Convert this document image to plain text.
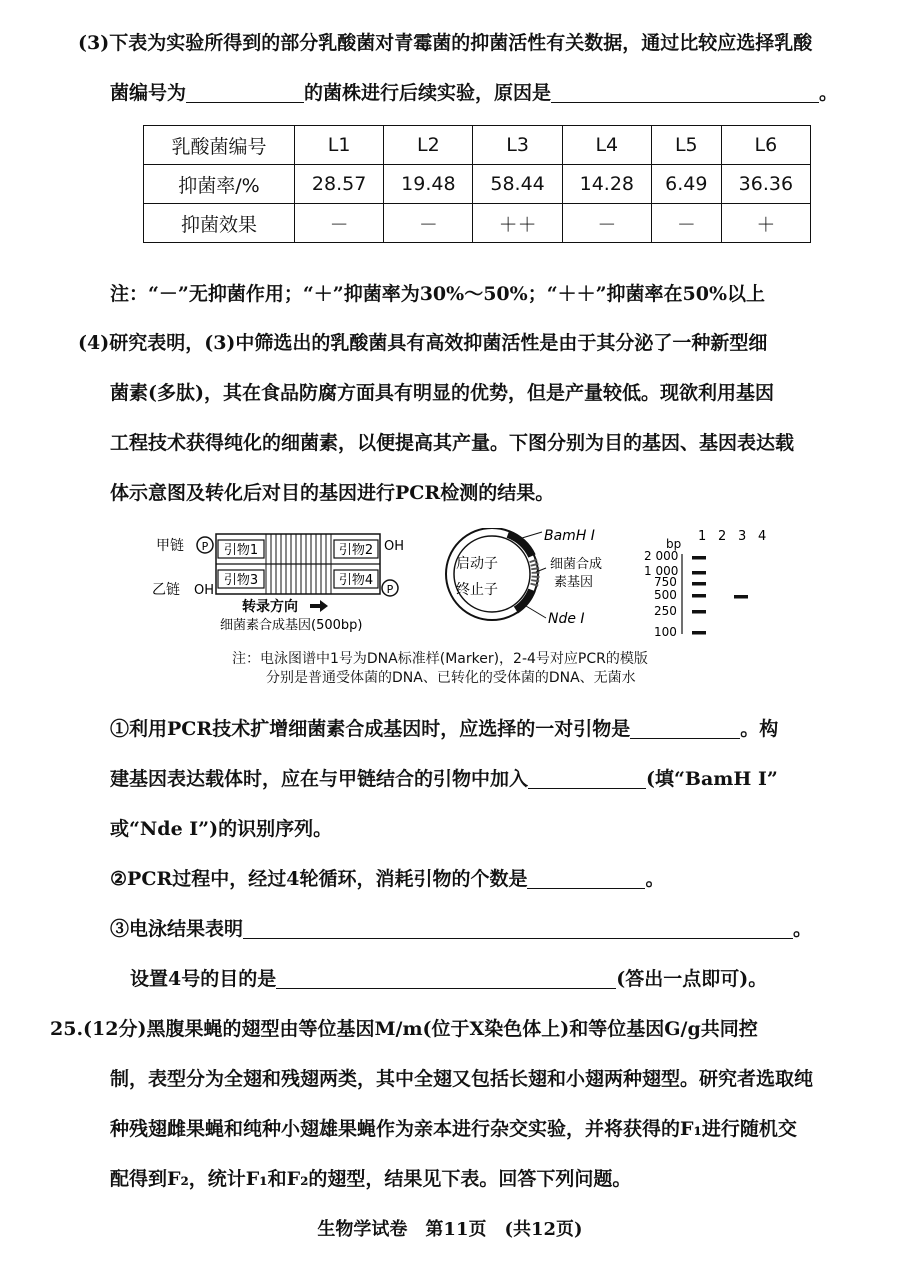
(3)下表为实验所得到的部分乳酸菌对青霉菌的抑菌活性有关数据，通过比较应选择乳酸
菌编号为	的菌株进行后续实验，原因是	。
乳酸菌编号	L1	L2	L3	L4	L5	L6
抑菌率/%	28.57	19.48	58.44	14.28	6.49	36.36
抑菌效果	－	－	＋＋	－	－	＋
注：“－”无抑菌作用；“＋”抑菌率为30%～50%；“＋＋”抑菌率在50%以上
(4)研究表明，(3)中筛选出的乳酸菌具有高效抑菌活性是由于其分泌了一种新型细
菌素(多肽)，其在食品防腐方面具有明显的优势，但是产量较低。现欲利用基因
工程技术获得纯化的细菌素，以便提高其产量。下图分别为目的基因、基因表达载
体示意图及转化后对目的基因进行PCR检测的结果。
甲链 P
乙链 OH
引物1	引物2
引物3	引物4
OH
P
转录方向
细菌素合成基因(500bp)
启动子
终止子
BamH I
Nde I
细菌合成
素基因
bp 1 2 3 4
2 000
1 000
750
500
250
100
注：电泳图谱中1号为DNA标准样(Marker)，2-4号对应PCR的模版
分别是普通受体菌的DNA、已转化的受体菌的DNA、无菌水
①利用PCR技术扩增细菌素合成基因时，应选择的一对引物是	。构
建基因表达载体时，应在与甲链结合的引物中加入	(填“BamH I”
或“Nde I”)的识别序列。
②PCR过程中，经过4轮循环，消耗引物的个数是	。
③电泳结果表明	。
设置4号的目的是	(答出一点即可)。
25.(12分)黑腹果蝇的翅型由等位基因M/m(位于X染色体上)和等位基因G/g共同控
制，表型分为全翅和残翅两类，其中全翅又包括长翅和小翅两种翅型。研究者选取纯
种残翅雌果蝇和纯种小翅雄果蝇作为亲本进行杂交实验，并将获得的F₁进行随机交
配得到F₂，统计F₁和F₂的翅型，结果见下表。回答下列问题。
生物学试卷　第11页　(共12页)
